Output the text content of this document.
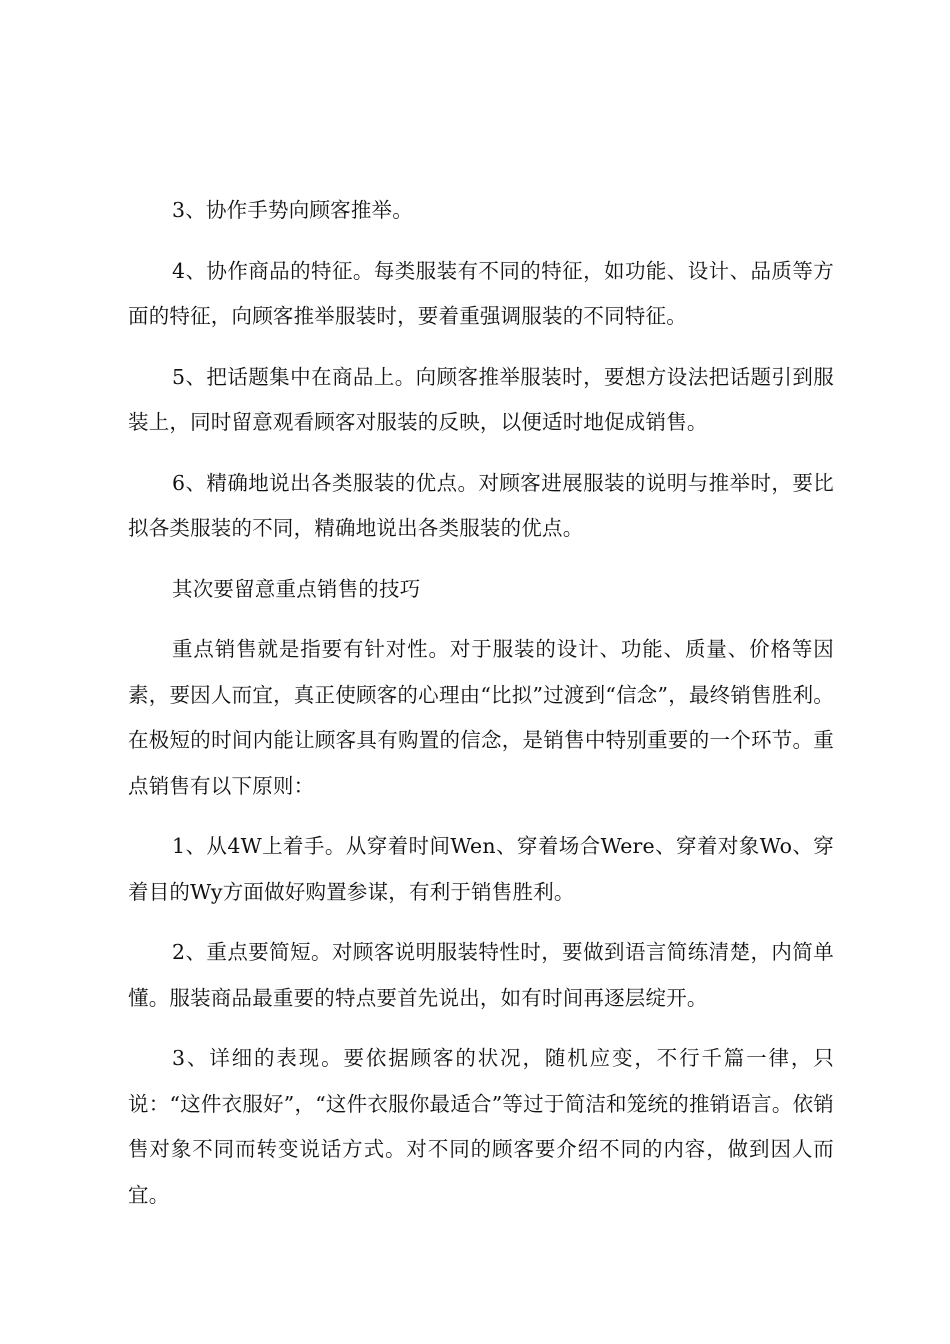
3、协作手势向顾客推举。

4、协作商品的特征。每类服装有不同的特征，如功能、设计、品质等方面的特征，向顾客推举服装时，要着重强调服装的不同特征。

5、把话题集中在商品上。向顾客推举服装时，要想方设法把话题引到服装上，同时留意观看顾客对服装的反映，以便适时地促成销售。

6、精确地说出各类服装的优点。对顾客进展服装的说明与推举时，要比拟各类服装的不同，精确地说出各类服装的优点。

其次要留意重点销售的技巧

重点销售就是指要有针对性。对于服装的设计、功能、质量、价格等因素，要因人而宜，真正使顾客的心理由“比拟”过渡到“信念”，最终销售胜利。在极短的时间内能让顾客具有购置的信念，是销售中特别重要的一个环节。重点销售有以下原则：

1、从4W上着手。从穿着时间Wen、穿着场合Were、穿着对象Wo、穿着目的Wy方面做好购置参谋，有利于销售胜利。

2、重点要简短。对顾客说明服装特性时，要做到语言简练清楚，内简单懂。服装商品最重要的特点要首先说出，如有时间再逐层绽开。

3、详细的表现。要依据顾客的状况，随机应变，不行千篇一律，只说：“这件衣服好”，“这件衣服你最适合”等过于简洁和笼统的推销语言。依销售对象不同而转变说话方式。对不同的顾客要介绍不同的内容，做到因人而宜。
